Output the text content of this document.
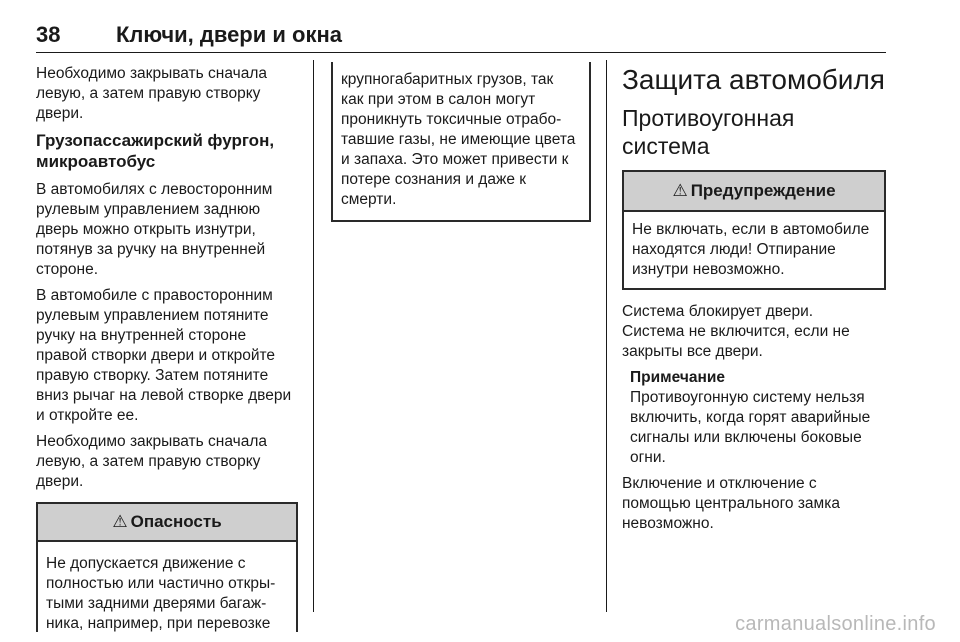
38	Ключи, двери и окна

Необходимо закрывать сначала
левую, а затем правую створку
двери.

Грузопассажирский фургон,
микроавтобус

В автомобилях с левосторонним
рулевым управлением заднюю
дверь можно открыть изнутри,
потянув за ручку на внутренней
стороне.

В автомобиле с правосторонним
рулевым управлением потяните
ручку на внутренней стороне
правой створки двери и откройте
правую створку. Затем потяните
вниз рычаг на левой створке двери
и откройте ее.

Необходимо закрывать сначала
левую, а затем правую створку
двери.

⚠ Опасность
Не допускается движение с
полностью или частично откры-
тыми задними дверями багаж-
ника, например, при перевозке
крупногабаритных грузов, так
как при этом в салон могут
проникнуть токсичные отрабо-
тавшие газы, не имеющие цвета
и запаха. Это может привести к
потере сознания и даже к
смерти.
Защита автомобиля
Противоугонная система
⚠ Предупреждение
Не включать, если в автомобиле
находятся люди! Отпирание
изнутри невозможно.

Система блокирует двери.
Система не включится, если не
закрыты все двери.

Примечание
Противоугонную систему нельзя
включить, когда горят аварийные
сигналы или включены боковые
огни.

Включение и отключение с
помощью центрального замка
невозможно.

carmanualsonline.info
